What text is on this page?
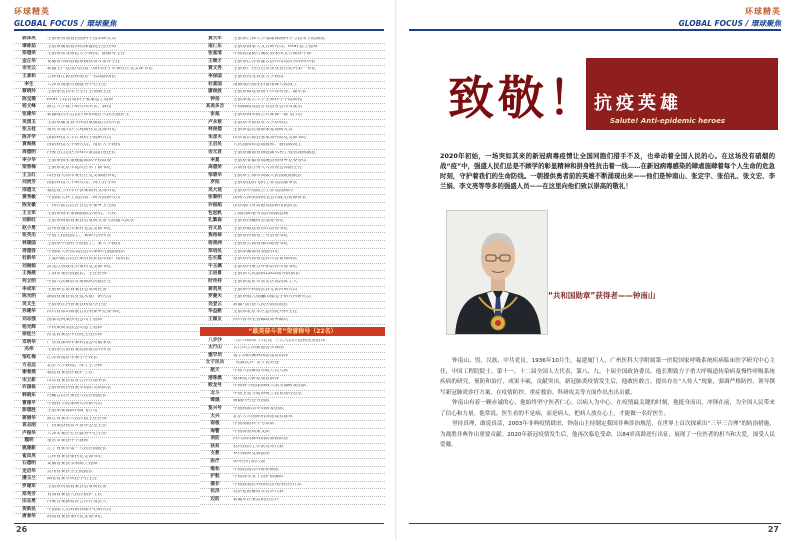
环球精英
GLOBAL FOCUS / 環球聚焦
郭沫英	生前系青海省医院科学技术研究员
谭咏茹	生前系湖南省妇幼保健院主任医师
郑德荣	生前系东北师范大学教授、副教务主任
金正华	安徽省阜阳县临泉镇扶贫开发办主任
余光云	新疆生产建设兵团第八师石河子市某社区党支部书记
王景和	吉林省江源县林场五一农场副场长
李生	天津市南港劳模服务中心主任
蔡晓玲	生前系宜昌市卫生计生委副主任
陈宝珊	FAST工程首席科学家兼总工程师
杨文峰	浙江大学数学研究所所长、教授
张建华	新疆维吾尔自治区和田地区人民医院医生
吴清玉	生前系湖北省罗田县某镇派出所所长
张玉桂	重庆市南川区大观镇村党支部书记
陈开学	国防科技大学计算机学院研究员
黄海燕	国防科技大学研究员、南京大学教授
周德明	内蒙古自治区赤峰市某边防连连长
李少华	生前系海军某舰艇部队中校政委
梁雪梅	生前系北京市延庆区永宁镇书记
王玉红	山西省大同市某社区党支部副书记
刘贵芳	国防科技大学研究员、博士后导师
邢德文	福建省三明市沙县某镇村支部书记
黄秀敏	中国航天科工集团第二研究院研究员
陈安徽	广西壮族自治区百色市某乡卫生院
王文军	生前系海军某部副政治委员、大校
刘新旺	生前系海南省某县公安局交警大队副大队长
赵小勇	贵州省遵义市某村党总支部书记
张英杰	中国工程院院士、某研究所所长
林建国	生前系中国科学院院士、某大学教授
周德容	中国航天科技集团公司某研究院副院长
杜新华	宁夏回族自治区某县农业技术推广站站长
刘丽娟	黑龙江省绥化市某村党支部书记
王海燕	上海市某医院院长、主任医师
何立明	中国人民解放军某部队医院医生
李成军	生前系甘肃省某县公安局民警
陈光明	湖南省某县农业技术推广研究员
吴文生	生前系江西省某县扶贫办主任
孙建华	四川省凉山彝族自治州某乡党委书记
刘志强	国家电网某供电公司工程师
杨光辉	中铁某局集团公司总工程师
徐桂兰	河北省某县中医院主任医师
邓明华	广东省深圳市某科技公司董事长
冯伟	生前系云南省某边防派出所所长
邹红梅	江苏省南京市某小学校长
方志远	北京大学教授、博士生导师
谢春燕	福建省某县医院护士长
宋立新	山东省某县农业合作社理事长
许国栋	生前系陕西省某市消防支队队长
韩晓东	西藏自治区某县人民医院院长
曹建平	中国科学院某研究所研究员
彭德胜	生前系某部队特级飞行员
蒋丽华	浙江省某市人民医院主任医师
袁志刚	广西某县扶贫开发办公室主任
卢振华	天津市某区社区服务中心主任
魏明	重庆市某县中学教师
姚建新	辽宁省某市第一人民医院院长
崔凤英	吉林省某县某村党支部书记
石德明	安徽省某县水利局工程师
龙启华	贵州省某县卫生院院长
潘玉兰	湖北省某市疾控中心主任
罗建军	生前系河南省某县公安局民警
郑秀芳	青海省某县人民医院护士长
田志勇	内蒙古某旗牧民合作社负责人
贺新民	中国航天员科研训练中心研究员
唐春华	海南省某县某村党支部书记
黄大年	生前系吉林大学地球探测科学与技术学院教授
南仁东	生前系国家天文台研究员、FAST总工程师
张富清	中国建设银行湖北省来凤支行离休干部
王继才	生前系江苏省灌云县开山岛民兵哨所所长
黄文秀	生前系广西百色市乐业县百坭村第一书记
李保国	生前系河北农业大学教授
杜富国	南部战区陆军扫雷排爆大队战士
廖俊波	生前系福建省南平市委常委、副市长
钟扬	生前系复旦大学生命科学学院教授
其美多吉	中国邮政集团甘孜县分公司驾驶员
张超	生前系海军航空兵某部一级飞行员
卢永根	生前系华南农业大学原校长
林俊德	生前系总装备部某基地研究员
朱彦夫	山东省沂源县张家泉村原党支部书记
王启民	大庆油田原总地质师、教授级高工
余元君	生前系湖南省洞庭湖水利工程管理局副总
李夏	生前系安徽省绩溪县荆州乡党委委员
高德荣	云南省怒江州人大常委会原副主任
邹碧华	生前系上海市高级人民法院副院长
罗阳	生前系沈阳飞机工业集团董事长
吴大观	生前系中国航空工业集团顾问
张黎明	国网天津滨海供电公司配电抢修班长
许振超	山东港口青岛港集团桥吊队队长
包起帆	上海国际港务集团原副总裁
孔繁森	生前系西藏阿里地委书记
谷文昌	生前系福建省东山县委书记
焦裕禄	生前系河南省兰考县委书记
杨善洲	生前系云南省保山地委书记
郑培民	生前系湖南省委副书记
任长霞	生前系河南省登封市公安局局长
牛玉儒	生前系内蒙古呼和浩特市委书记
王进喜	生前系大庆油田1205钻井队队长
时传祥	生前系北京市崇文区清洁队工人
蒋筑英	生前系中科院长春光机所研究员
罗健夫	生前系航天部骊山微电子研究所研究员
吴登云	新疆乌恰县人民医院原院长
华益慰	生前系北京军区总医院外科主任
王顺友	四川省木里县邮政局乡邮员
“最美奋斗者”荣誉称号（22名）
八步沙	八步沙林场“六老汉”三代人治沙造林先进群体
太行山	太行山上的新愚公李保国
塞罕坝	塞罕坝机械林场建设者群体
女子民兵	“英雄民兵”女子民兵连
航天	中国人民解放军航天员大队
港珠澳	港珠澳大桥建设者群体
蛟龙号	中国科学院深海载人潜水器研发团队
北斗	中国卫星导航系统工程管理办公室
嫦娥	嫦娥四号任务团队
复兴号	中国标准动车组研发团队
大兴	北京大兴国际机场建设者群体
南极	中国南极科学考察队
海警	中国海警局某支队
消防	四川凉山森林消防救援队伍
扶贫	驻村扶贫工作队优秀代表
支教	乡村教师支教群体
医疗	援外医疗队代表
维和	中国赴南苏丹维和部队
护航	中国海军亚丁湾护航编队
援非	中国援塞拉利昂抗击埃博拉医疗队
抗洪	抗洪抢险解放军官兵代表
边防	新疆军区某边防团官兵
26
环球精英
GLOBAL FOCUS / 環球聚焦
27
致敬！
抗疫英雄
Salute! Anti-epidemic heroes
2020年初始，一场突如其来的新冠病毒疫情让全国同胞们措手不及，也牵动着全国人民的心。在这场没有硝烟的战“疫”中，强盛人民们总是不顾学的彰显精神和拼身牲抗击着一线……在新冠病毒感染的肆虐施肆着每个人生命的危急时刻，守护着我们的生命防线。一朝提供勇者前的英雄不断涌现出来——他们是钟南山、张定宇、张伯礼、张文宏、李兰娟、李文亮等等多的强盛人员——在这里向他们致以崇高的敬礼！
“共和国勋章”获得者——钟南山

钟南山，男，汉族，中共党员，1936年10月生，福建厦门人，广州医科大学附属第一医院国家呼吸系统疾病临床医学研究中心主任，中国工程院院士，第十一、十二届全国人大代表，第八、九、十届全国政协委员。他长期致力于重大呼吸道传染病及慢性呼吸系统疾病的研究、预防和治疗，成果丰硕，贡献突出。新冠肺炎疫情发生后，他敢医敢言，提出存在“人传人”现象，强调严格防控，领导撰写新冠肺炎诊疗方案，在疫情防控、重症救治、科研攻关等方面作出杰出贡献。

钟南山有着一颗赤诚的心，他始终坚守医者仁心，以病人为中心。在疫情最关键的时刻，他挺身而出，冲锋在前，为全国人民带来了信心和力量。他常说，医生看的不是病，而是病人，把病人放在心上，才能做一名好医生。

坚持真理，敢说真话，2003年非典疫情肆虐，钟南山主持制定我国非典诊治规范，在世界上首次探索出“三早三合理”的防治措施，为战胜非典作出重要贡献。2020年新冠疫情发生后，他再次临危受命，以84岁高龄逆行出征，展现了一位医者的担当和大爱，深受人民爱戴。
